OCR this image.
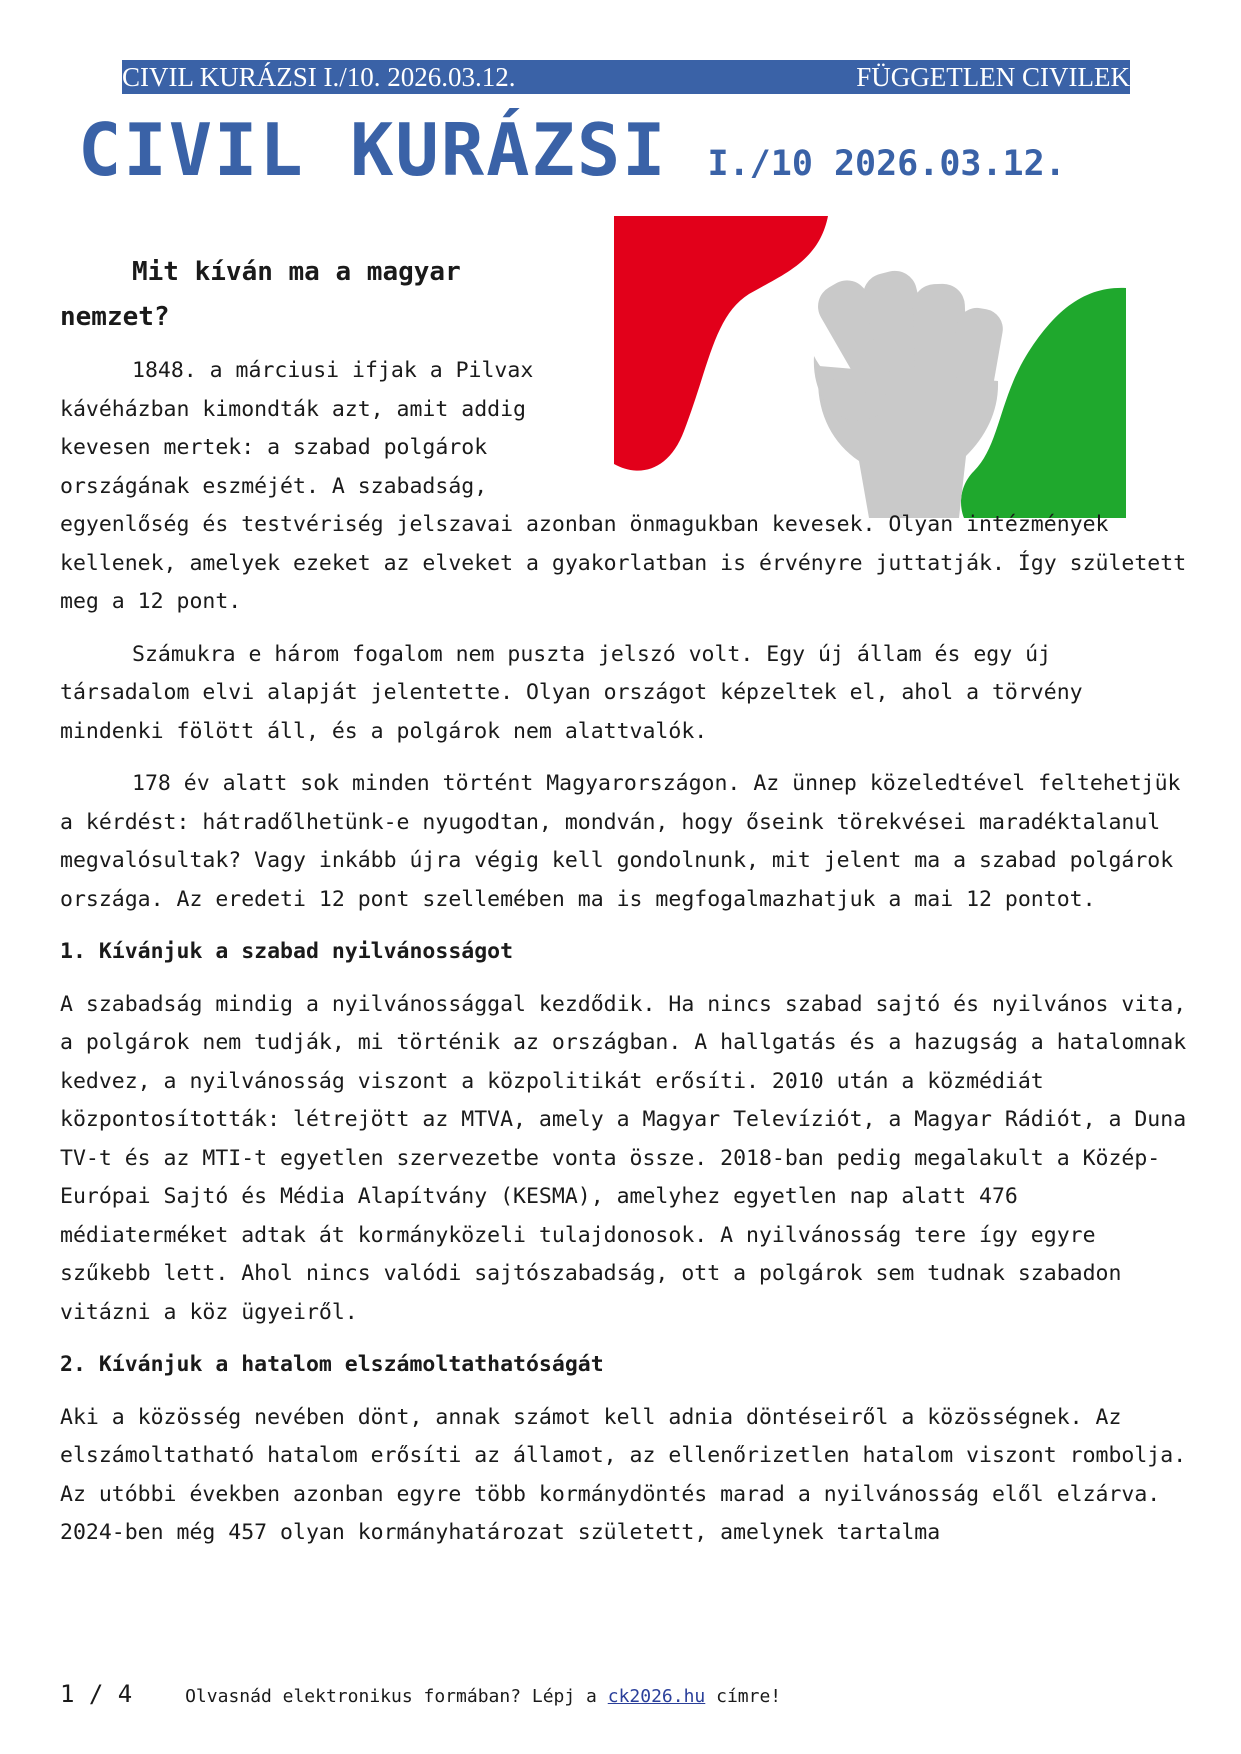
CIVIL KURÁZSI I./10. 2026.03.12.	FÜGGETLEN CIVILEK
CIVIL KURÁZSI I./10 2026.03.12.
Mit kíván ma a magyar nemzet?

1848. a márciusi ifjak a Pilvax kávéházban kimondták azt, amit addig kevesen mertek: a szabad polgárok országának eszméjét. A szabadság,

egyenlőség és testvériség jelszavai azonban önmagukban kevesek. Olyan intézmények kellenek, amelyek ezeket az elveket a gyakorlatban is érvényre juttatják. Így született meg a 12 pont.

Számukra e három fogalom nem puszta jelszó volt. Egy új állam és egy új társadalom elvi alapját jelentette. Olyan országot képzeltek el, ahol a törvény mindenki fölött áll, és a polgárok nem alattvalók.

178 év alatt sok minden történt Magyarországon. Az ünnep közeledtével feltehetjük a kérdést: hátradőlhetünk-e nyugodtan, mondván, hogy őseink törekvései maradéktalanul megvalósultak? Vagy inkább újra végig kell gondolnunk, mit jelent ma a szabad polgárok országa. Az eredeti 12 pont szellemében ma is megfogalmazhatjuk a mai 12 pontot.

1. Kívánjuk a szabad nyilvánosságot

A szabadság mindig a nyilvánossággal kezdődik. Ha nincs szabad sajtó és nyilvános vita, a polgárok nem tudják, mi történik az országban. A hallgatás és a hazugság a hatalomnak kedvez, a nyilvánosság viszont a közpolitikát erősíti. 2010 után a közmédiát központosították: létrejött az MTVA, amely a Magyar Televíziót, a Magyar Rádiót, a Duna TV-t és az MTI-t egyetlen szervezetbe vonta össze. 2018-ban pedig megalakult a Közép-Európai Sajtó és Média Alapítvány (KESMA), amelyhez egyetlen nap alatt 476 médiaterméket adtak át kormányközeli tulajdonosok. A nyilvánosság tere így egyre szűkebb lett. Ahol nincs valódi sajtószabadság, ott a polgárok sem tudnak szabadon vitázni a köz ügyeiről.

2. Kívánjuk a hatalom elszámoltathatóságát

Aki a közösség nevében dönt, annak számot kell adnia döntéseiről a közösségnek. Az elszámoltatható hatalom erősíti az államot, az ellenőrizetlen hatalom viszont rombolja. Az utóbbi években azonban egyre több kormánydöntés marad a nyilvánosság elől elzárva. 2024-ben még 457 olyan kormányhatározat született, amelynek tartalma

1 / 4	Olvasnád elektronikus formában? Lépj a ck2026.hu címre!
